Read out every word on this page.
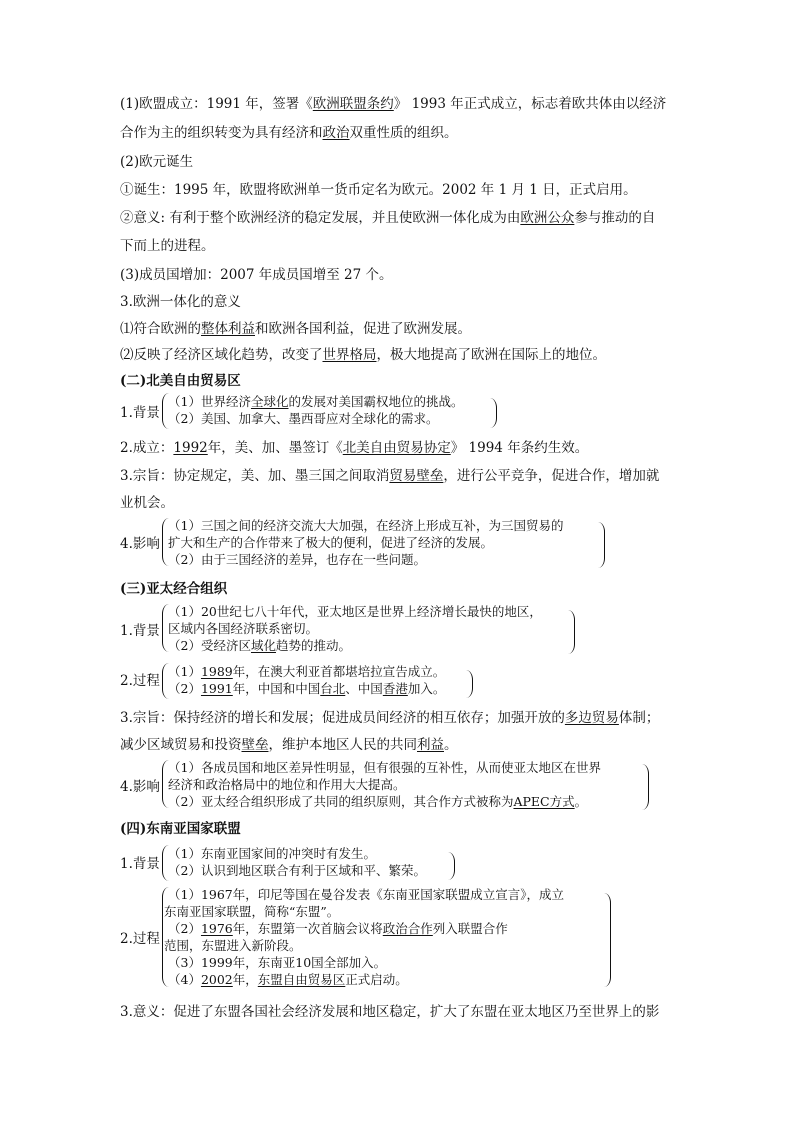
(1)欧盟成立：1991 年，签署《欧洲联盟条约》 1993 年正式成立，标志着欧共体由以经济
合作为主的组织转变为具有经济和政治双重性质的组织。
(2)欧元诞生
①诞生：1995 年，欧盟将欧洲单一货币定名为欧元。2002 年 1 月 1 日，正式启用。
②意义: 有利于整个欧洲经济的稳定发展，并且使欧洲一体化成为由欧洲公众参与推动的自
下而上的进程。
(3)成员国增加：2007 年成员国增至 27 个。
3.欧洲一体化的意义
⑴符合欧洲的整体利益和欧洲各国利益，促进了欧洲发展。
⑵反映了经济区域化趋势，改变了世界格局，极大地提高了欧洲在国际上的地位。
(二)北美自由贸易区
1.背景
（1）世界经济全球化的发展对美国霸权地位的挑战。
（2）美国、加拿大、墨西哥应对全球化的需求。
2.成立：1992年，美、加、墨签订《北美自由贸易协定》 1994 年条约生效。
3.宗旨：协定规定，美、加、墨三国之间取消贸易壁垒，进行公平竞争，促进合作，增加就
业机会。
4.影响
（1）三国之间的经济交流大大加强，在经济上形成互补，为三国贸易的
扩大和生产的合作带来了极大的便利，促进了经济的发展。
（2）由于三国经济的差异，也存在一些问题。
(三)亚太经合组织
1.背景
（1）20世纪七八十年代，亚太地区是世界上经济增长最快的地区，
区域内各国经济联系密切。
（2）受经济区域化趋势的推动。
2.过程
（1）1989年，在澳大利亚首都堪培拉宣告成立。
（2）1991年，中国和中国台北、中国香港加入。
3.宗旨：保持经济的增长和发展；促进成员间经济的相互依存；加强开放的多边贸易体制；
减少区域贸易和投资壁垒，维护本地区人民的共同利益。
4.影响
（1）各成员国和地区差异性明显，但有很强的互补性，从而使亚太地区在世界
经济和政治格局中的地位和作用大大提高。
（2）亚太经合组织形成了共同的组织原则，其合作方式被称为APEC方式。
(四)东南亚国家联盟
1.背景
（1）东南亚国家间的冲突时有发生。
（2）认识到地区联合有利于区域和平、繁荣。
2.过程
（1）1967年，印尼等国在曼谷发表《东南亚国家联盟成立宣言》，成立
东南亚国家联盟，简称“东盟”。
（2）1976年，东盟第一次首脑会议将政治合作列入联盟合作
范围，东盟进入新阶段。
（3）1999年，东南亚10国全部加入。
（4）2002年，东盟自由贸易区正式启动。
3.意义：促进了东盟各国社会经济发展和地区稳定，扩大了东盟在亚太地区乃至世界上的影
